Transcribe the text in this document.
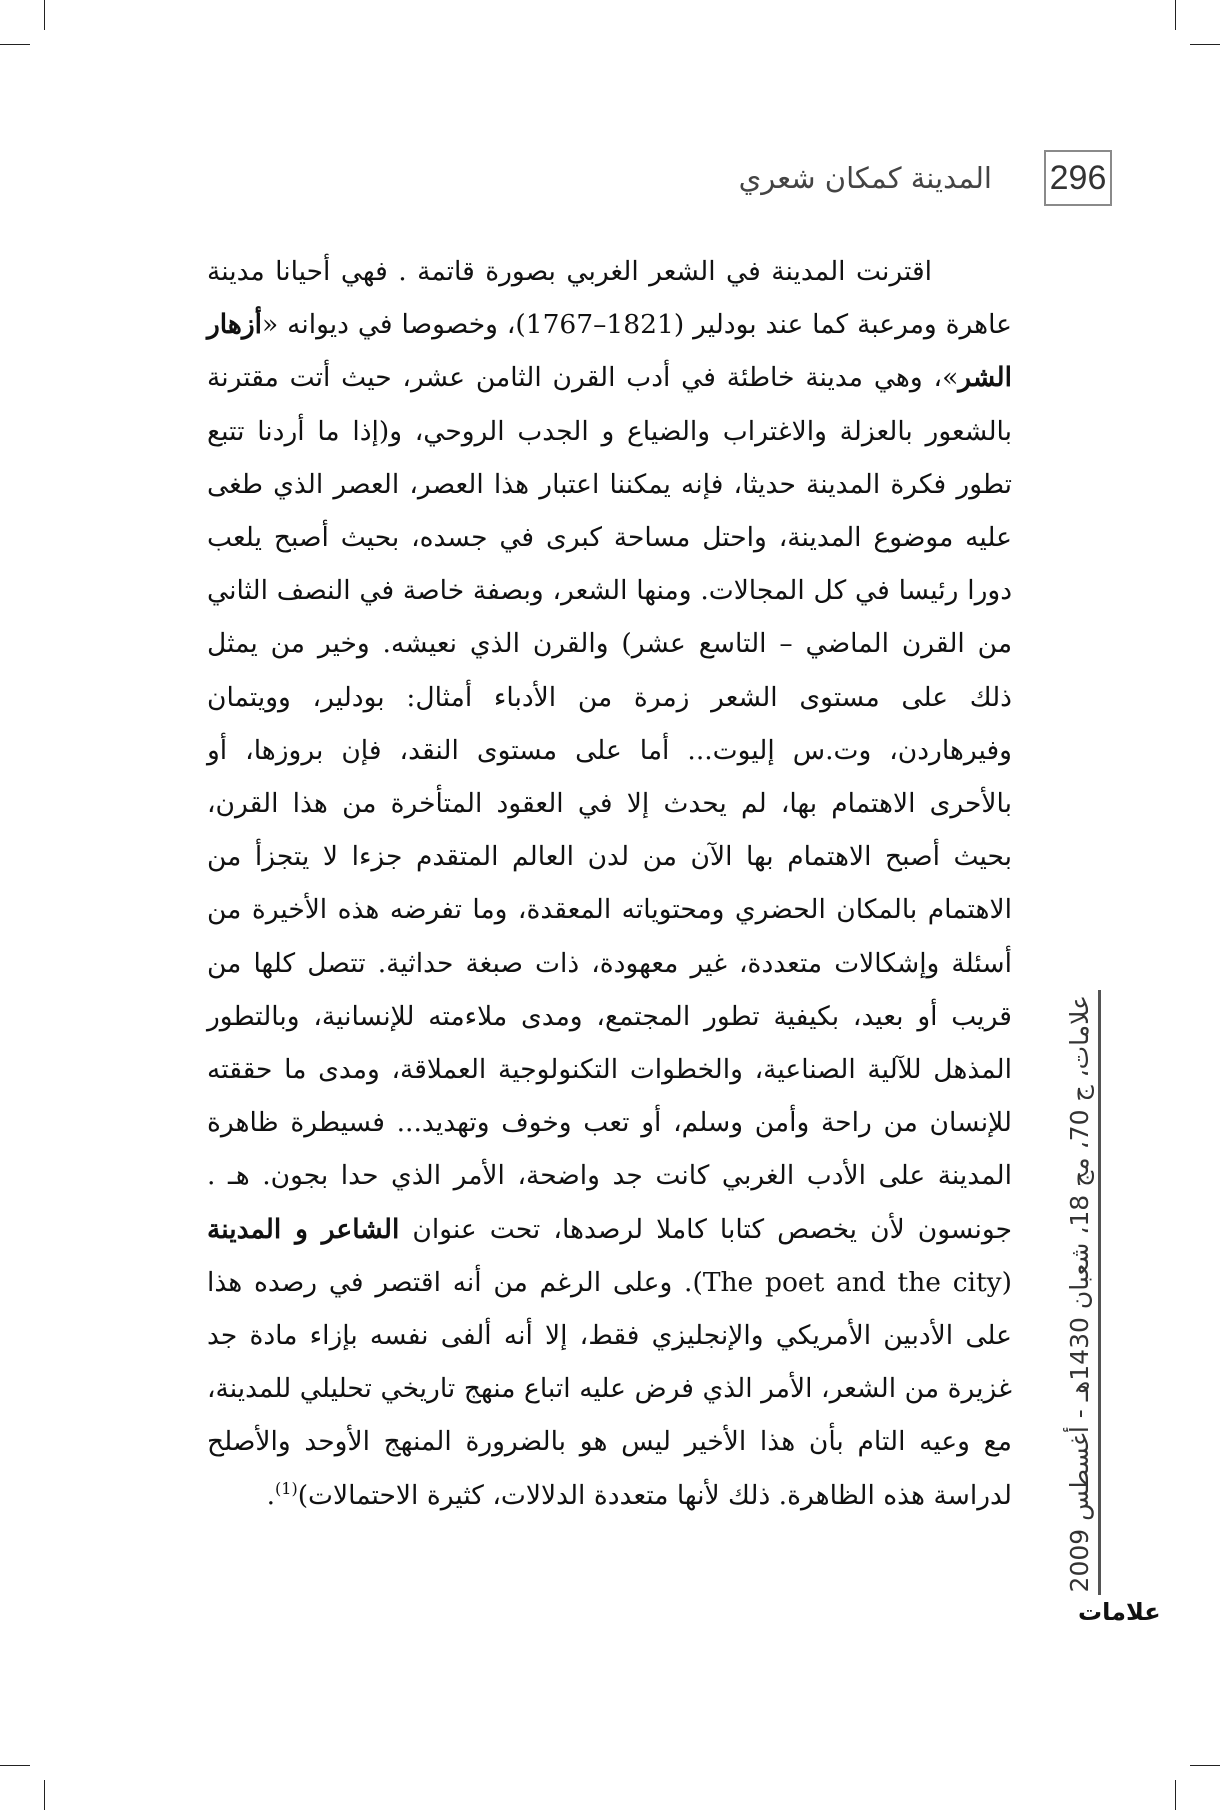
296
المدينة كمكان شعري

اقترنت المدينة في الشعر الغربي بصورة قاتمة . فهي أحيانا مدينة عاهرة ومرعبة كما عند بودلير (1767–1821)، وخصوصا في ديوانه «أزهار الشر»، وهي مدينة خاطئة في أدب القرن الثامن عشر، حيث أتت مقترنة بالشعور بالعزلة والاغتراب والضياع و الجدب الروحي، و(إذا ما أردنا تتبع تطور فكرة المدينة حديثا، فإنه يمكننا اعتبار هذا العصر، العصر الذي طغى عليه موضوع المدينة، واحتل مساحة كبرى في جسده، بحيث أصبح يلعب دورا رئيسا في كل المجالات. ومنها الشعر، وبصفة خاصة في النصف الثاني من القرن الماضي – التاسع عشر) والقرن الذي نعيشه. وخير من يمثل ذلك على مستوى الشعر زمرة من الأدباء أمثال: بودلير، وويتمان وفيرهاردن، وت.س إليوت... أما على مستوى النقد، فإن بروزها، أو بالأحرى الاهتمام بها، لم يحدث إلا في العقود المتأخرة من هذا القرن، بحيث أصبح الاهتمام بها الآن من لدن العالم المتقدم جزءا لا يتجزأ من الاهتمام بالمكان الحضري ومحتوياته المعقدة، وما تفرضه هذه الأخيرة من أسئلة وإشكالات متعددة، غير معهودة، ذات صبغة حداثية. تتصل كلها من قريب أو بعيد، بكيفية تطور المجتمع، ومدى ملاءمته للإنسانية، وبالتطور المذهل للآلية الصناعية، والخطوات التكنولوجية العملاقة، ومدى ما حققته للإنسان من راحة وأمن وسلم، أو تعب وخوف وتهديد... فسيطرة ظاهرة المدينة على الأدب الغربي كانت جد واضحة، الأمر الذي حدا بجون. هـ . جونسون لأن يخصص كتابا كاملا لرصدها، تحت عنوان الشاعر و المدينة (The poet and the city). وعلى الرغم من أنه اقتصر في رصده هذا على الأدبين الأمريكي والإنجليزي فقط، إلا أنه ألفى نفسه بإزاء مادة جد غزيرة من الشعر، الأمر الذي فرض عليه اتباع منهج تاريخي تحليلي للمدينة، مع وعيه التام بأن هذا الأخير ليس هو بالضرورة المنهج الأوحد والأصلح لدراسة هذه الظاهرة. ذلك لأنها متعددة الدلالات، كثيرة الاحتمالات)$^{(1)}$.

علامات، ج 70، مج 18، شعبان 1430هـ - أغسطس 2009
علامات
